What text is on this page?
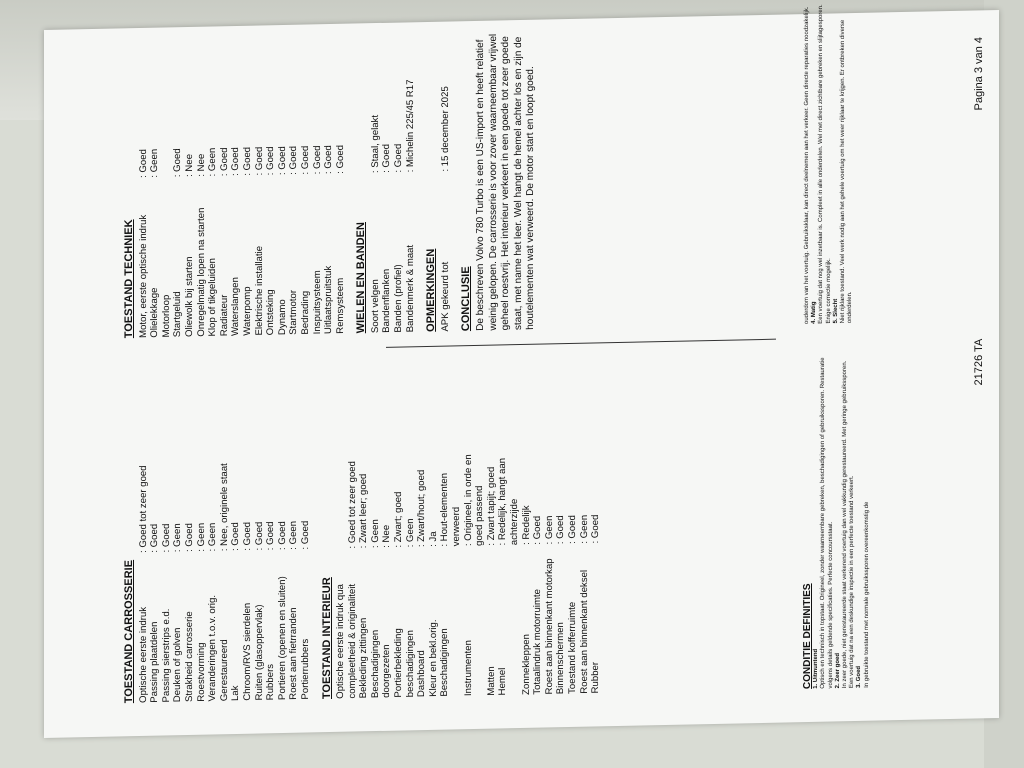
TOESTAND CARROSSERIE Optische eerste indruk
: Goed tot zeer goed
Passing plaatdelen
: Goed
Passing sierstrips e.d.
: Goed
Deuken of golven
: Geen
Strakheid carrosserie
: Goed
Roestvorming
: Geen
Veranderingen t.o.v. orig.
: Geen
Gerestaureerd
: Nee, originele staat
Lak
: Goed
Chroom/RVS sierdelen
: Goed
Ruiten (glasoppervlak)
: Goed
Rubbers
: Goed
Portieren (openen en sluiten)
: Goed
Roest aan fietrranden
: Geen
Portierrubbers
: Goed
TOESTAND INTERIEUR Optische eerste indruk qua compleetheid & originaliteit
: Goed tot zeer goed
Bekleding zittingen
: Zwart leer; goed
Beschadigingen
: Geen
doorgezeten
: Nee
Portierbekleding
: Zwart; goed
beschadigingen
: Geen
Dashboard
: Zwart/hout; goed
Kleur en bekl.orig.
: Ja
Beschadigingen
: Hout-elementen verweerd
Instrumenten
: Origineel, in orde en goed passend
Matten
: Zwart tapijt; goed
Hemel
: Redelijk, hangt aan achterzijde
Zonnekleppen
: Redelijk
Totaalindruk motorruimte
: Goed
Roest aan binnenkant motorkap
: Geen
Binnenschermen
: Goed
Toestand kofferruimte
: Goed
Roest aan binnenkant deksel
: Geen
Rubber
: Goed
TOESTAND TECHNIEK Motor, eerste optische indruk
: Goed
Olielekkage
: Geen
Motorloop Startgeluid
: Goed
Oliewolk bij starten
: Nee
Onregelmatig lopen na starten
: Nee
Klop of tikgeluiden
: Geen
Radiateur
: Goed
Waterslangen
: Goed
Waterpomp
: Goed
Elektrische installatie
: Goed
Ontsteking
: Goed
Dynamo
: Goed
Startmotor
: Goed
Bedrading
: Goed
Inspuitsysteem
: Goed
Uitlaatspruitstuk
: Goed
Remsysteem
: Goed
WIELEN EN BANDEN Soort velgen
: Staal, gelakt
Bandenflanken
: Goed
Banden (profiel)
: Goed
Bandenmerk & maat
: Michelin 225/45 R17
OPMERKINGEN APK gekeurd tot
: 15 december 2025
CONCLUSIE De beschreven Volvo 780 Turbo is een US-import en heeft relatief weinig gelopen. De carrosserie is voor zover waarneembaar vrijwel geheel roestvrij. Het interieur verkeert in een goede tot zeer goede staat, met name het leer. Wel hangt de hemel achter los en zijn de houtelementen wat verweerd. De motor start en loopt goed.
CONDITIE DEFINITIES 1. Uitmuntend Optisch en technisch in topstaat. Origineel, zonder waarneembare gebreken, beschadigingen of gebruikssporen. Restauratie volgens details geldende specificaties. Perfecte concoursstaat. 2. Zeer goed In zeer goede, niet gerestaureerde staat verkerend voertuig dan wel vakkundig gerestaureerd. Met geringe gebruikssporen. Een voertuig dat na een deskundige inspectie in een perfecte toestand verkeert. 3. Goed In gebruikte toestand met normale gebruikssporen overeenkomstig de
ouderdom van het voertuig. Gebruiksklaar, kan direct deelnemen aan het verkeer. Geen directe reparaties noodzakelijk. 4. Matig Een voertuig dat nog wel inzetbaar is. Compleet in alle onderdelen. Wel met direct zichtbare gebreken en slijtagesporen. Enige correctie mogelijk. 5. Slecht Niet rijklare toestand. Veel werk nodig aan het gehele voertuig om het weer rijklaar te krijgen. Er ontbreken diverse onderdelen.
21726 TA
Pagina 3 van 4
